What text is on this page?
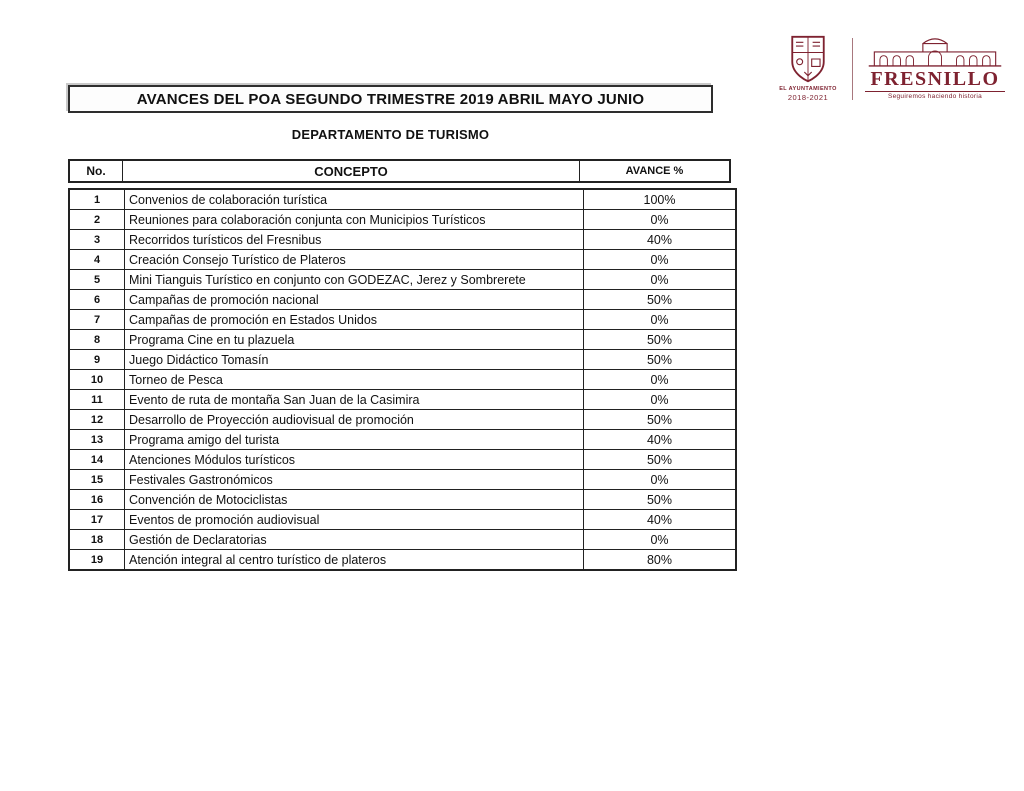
EL AYUNTAMIENTO
2018-2021
FRESNILLO
Seguiremos haciendo historia
AVANCES DEL POA SEGUNDO TRIMESTRE 2019 ABRIL MAYO JUNIO
DEPARTAMENTO DE TURISMO
No.	CONCEPTO	AVANCE %
1	Convenios de colaboración turística	100%
2	Reuniones para colaboración conjunta con Municipios Turísticos	0%
3	Recorridos turísticos del Fresnibus	40%
4	Creación Consejo Turístico de Plateros	0%
5	Mini Tianguis Turístico en conjunto con GODEZAC, Jerez y Sombrerete	0%
6	Campañas de promoción nacional	50%
7	Campañas de promoción en Estados Unidos	0%
8	Programa Cine en tu plazuela	50%
9	Juego Didáctico Tomasín	50%
10	Torneo de Pesca	0%
11	Evento de ruta de montaña San Juan de la Casimira	0%
12	Desarrollo de Proyección audiovisual de promoción	50%
13	Programa amigo del turista	40%
14	Atenciones Módulos turísticos	50%
15	Festivales Gastronómicos	0%
16	Convención de Motociclistas	50%
17	Eventos de promoción audiovisual	40%
18	Gestión de Declaratorias	0%
19	Atención integral al centro turístico de plateros	80%
